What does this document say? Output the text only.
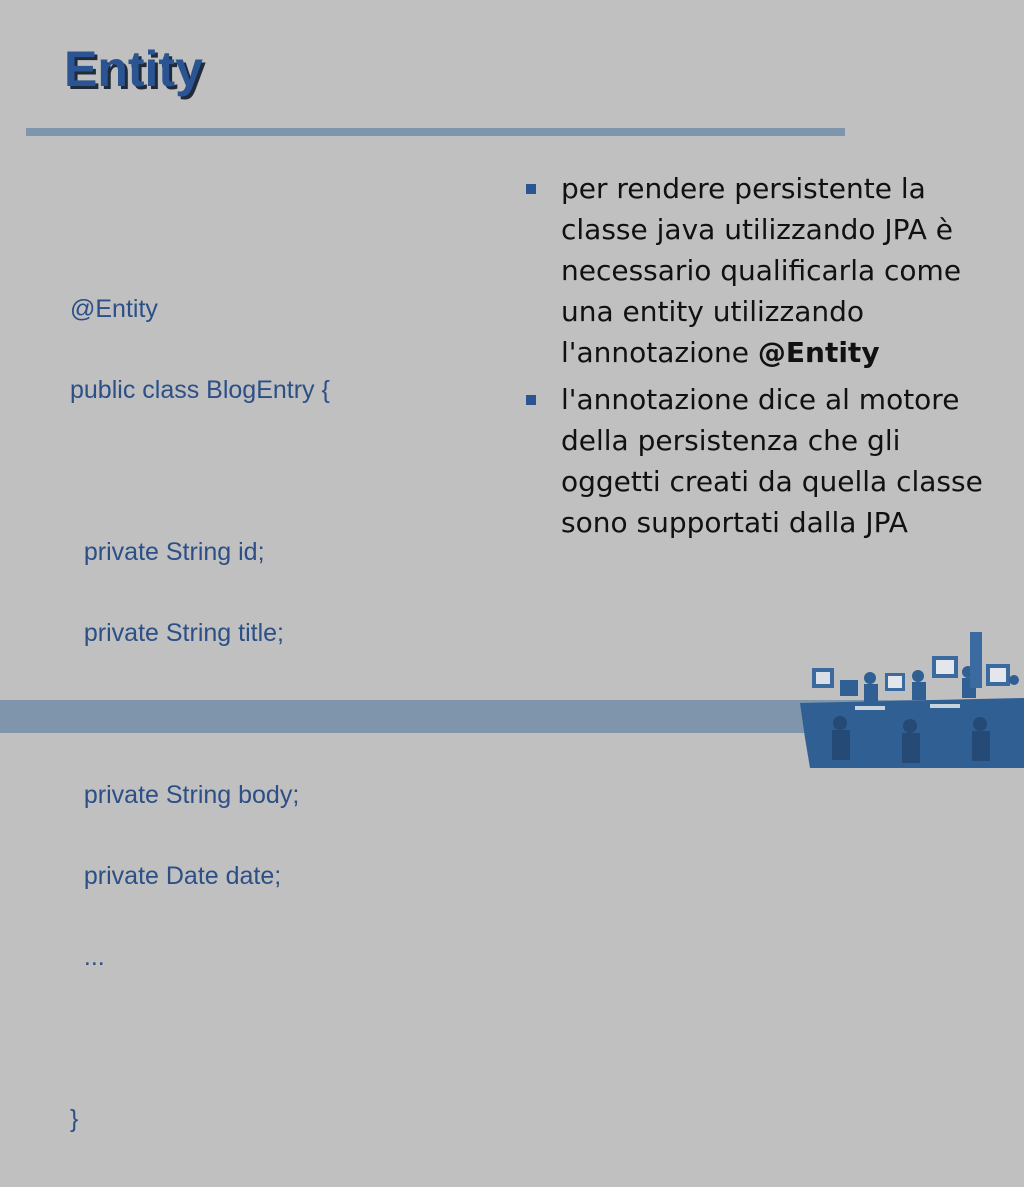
Entity

@Entity

public class BlogEntry {

private String id;

private String title;

private String body;

private Date date;

...

}

per rendere persistente la classe java utilizzando JPA è necessario qualificarla come una entity utilizzando l'annotazione @Entity
l'annotazione dice al motore della persistenza che gli oggetti creati da quella classe sono supportati dalla JPA
